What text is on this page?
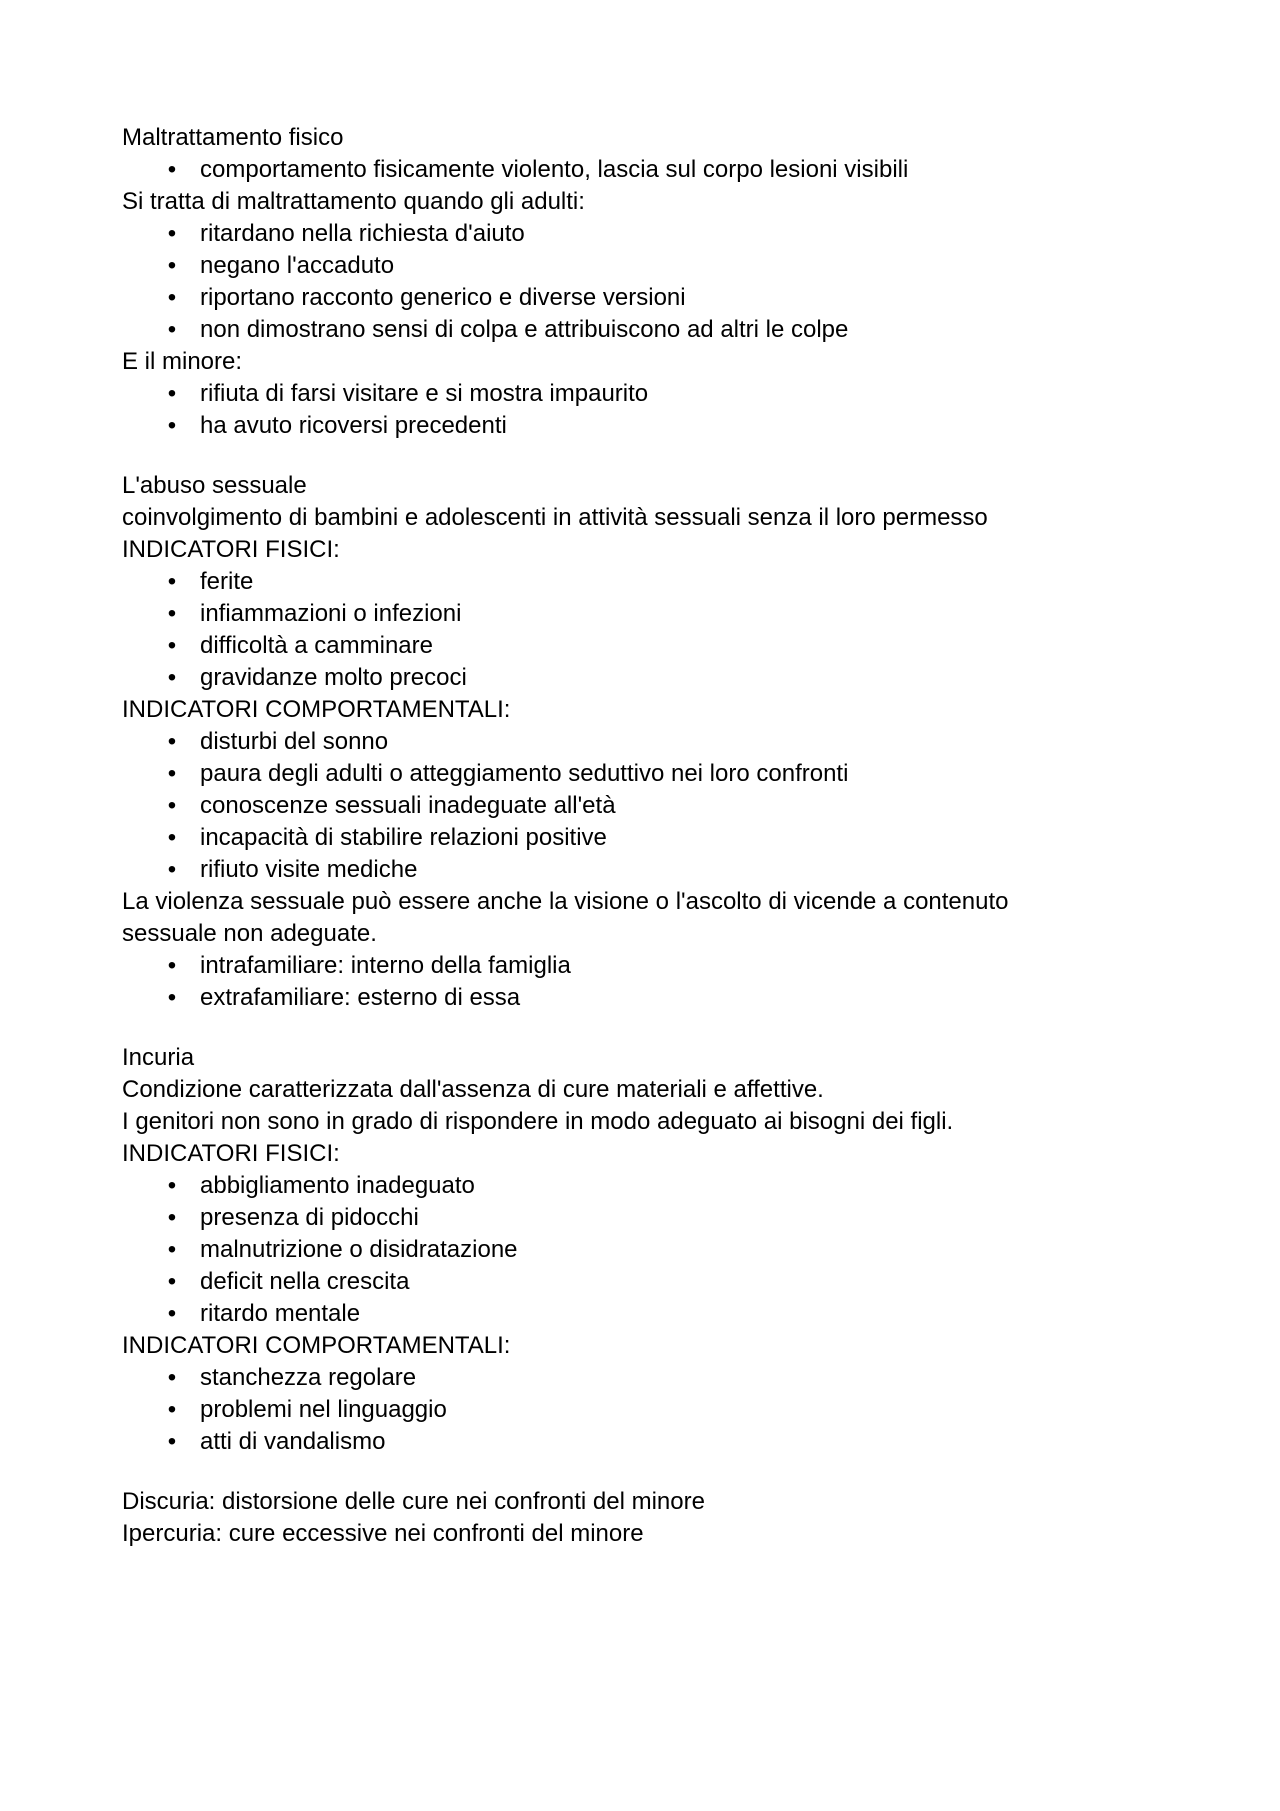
Maltrattamento fisico

• comportamento fisicamente violento, lascia sul corpo lesioni visibili

Si tratta di maltrattamento quando gli adulti:

• ritardano nella richiesta d'aiuto
• negano l'accaduto
• riportano racconto generico e diverse versioni
• non dimostrano sensi di colpa e attribuiscono ad altri le colpe

E il minore:

• rifiuta di farsi visitare e si mostra impaurito
• ha avuto ricoversi precedenti

L'abuso sessuale

coinvolgimento di bambini e adolescenti in attività sessuali senza il loro permesso

INDICATORI FISICI:

• ferite
• infiammazioni o infezioni
• difficoltà a camminare
• gravidanze molto precoci

INDICATORI COMPORTAMENTALI:

• disturbi del sonno
• paura degli adulti o atteggiamento seduttivo nei loro confronti
• conoscenze sessuali inadeguate all'età
• incapacità di stabilire relazioni positive
• rifiuto visite mediche

La violenza sessuale può essere anche la visione o l'ascolto di vicende a contenuto

sessuale non adeguate.

• intrafamiliare: interno della famiglia
• extrafamiliare: esterno di essa

Incuria

Condizione caratterizzata dall'assenza di cure materiali e affettive.

I genitori non sono in grado di rispondere in modo adeguato ai bisogni dei figli.

INDICATORI FISICI:

• abbigliamento inadeguato
• presenza di pidocchi
• malnutrizione o disidratazione
• deficit nella crescita
• ritardo mentale

INDICATORI COMPORTAMENTALI:

• stanchezza regolare
• problemi nel linguaggio
• atti di vandalismo

Discuria: distorsione delle cure nei confronti del minore

Ipercuria: cure eccessive nei confronti del minore
